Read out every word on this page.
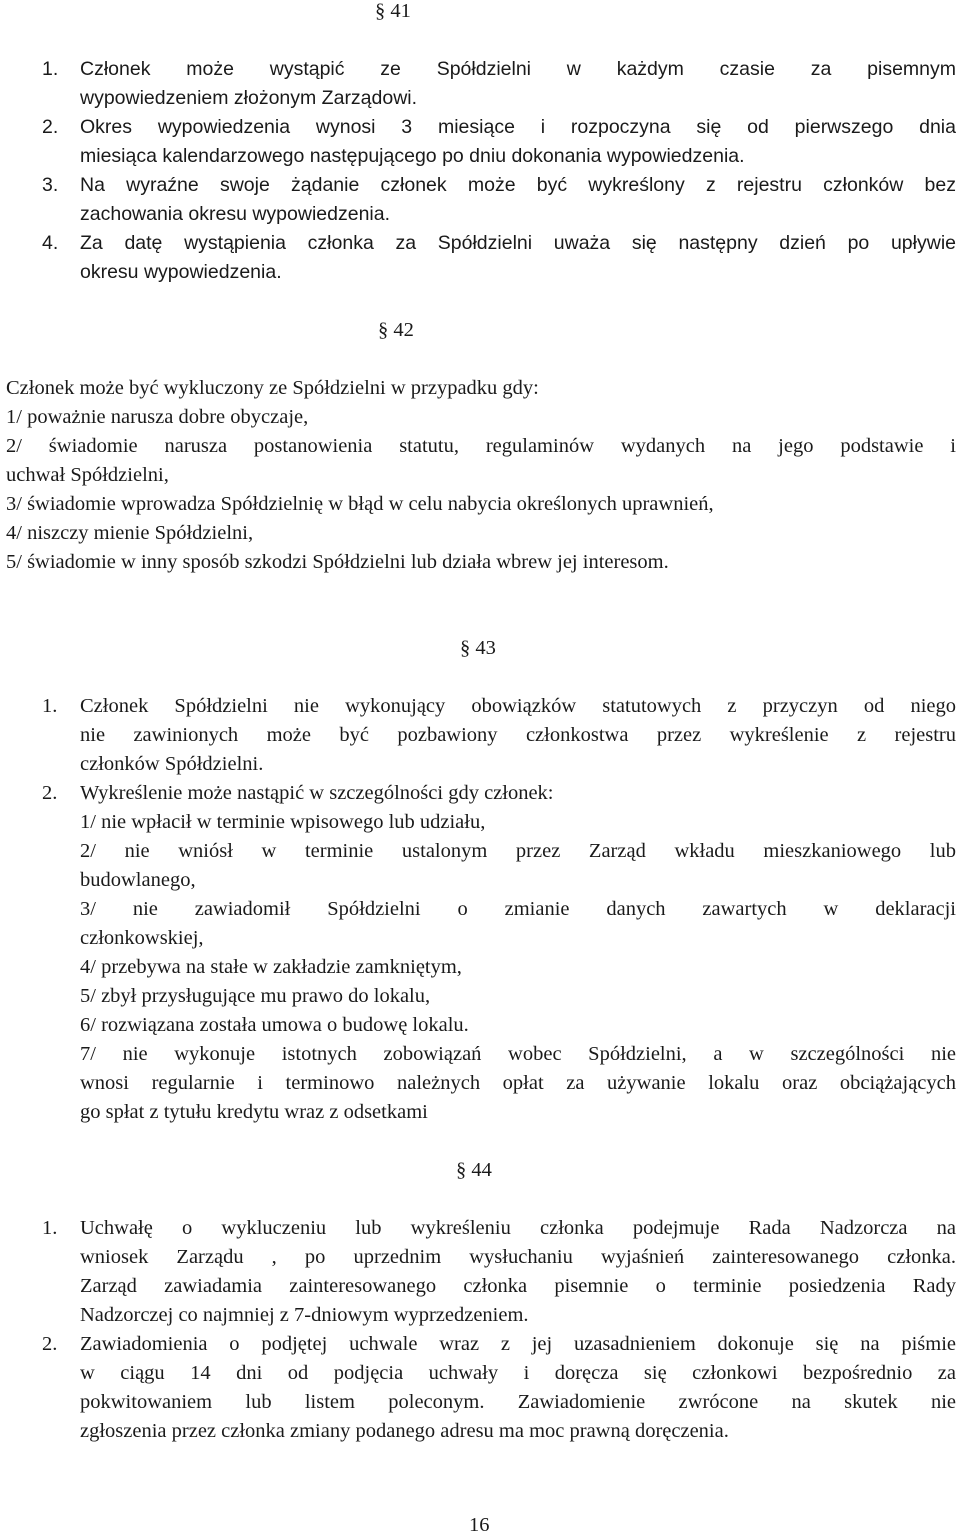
§ 41
1. Członek może wystąpić ze Spółdzielni w każdym czasie za pisemnym
wypowiedzeniem złożonym Zarządowi.
2. Okres wypowiedzenia wynosi 3 miesiące i rozpoczyna się od pierwszego dnia
miesiąca kalendarzowego następującego po dniu dokonania wypowiedzenia.
3. Na wyraźne swoje żądanie członek może być wykreślony z rejestru członków bez
zachowania okresu wypowiedzenia.
4. Za datę wystąpienia członka za Spółdzielni uważa się następny dzień po upływie
okresu wypowiedzenia.
§ 42
Członek może być wykluczony ze Spółdzielni w przypadku gdy:
1/ poważnie narusza dobre obyczaje,
2/ świadomie narusza postanowienia statutu, regulaminów wydanych na jego podstawie i
uchwał Spółdzielni,
3/ świadomie wprowadza Spółdzielnię w błąd w celu nabycia określonych uprawnień,
4/ niszczy mienie Spółdzielni,
5/ świadomie w inny sposób szkodzi Spółdzielni lub działa wbrew jej interesom.
§ 43
1. Członek Spółdzielni nie wykonujący obowiązków statutowych z przyczyn od niego
nie zawinionych może być pozbawiony członkostwa przez wykreślenie z rejestru
członków Spółdzielni.
2. Wykreślenie może nastąpić w szczególności gdy członek:
1/ nie wpłacił w terminie wpisowego lub udziału,
2/ nie wniósł w terminie ustalonym przez Zarząd wkładu mieszkaniowego lub
budowlanego,
3/ nie zawiadomił Spółdzielni o zmianie danych zawartych w deklaracji
członkowskiej,
4/ przebywa na stałe w zakładzie zamkniętym,
5/ zbył przysługujące mu prawo do lokalu,
6/ rozwiązana została umowa o budowę lokalu.
7/ nie wykonuje istotnych zobowiązań wobec Spółdzielni, a w szczególności nie
wnosi regularnie i terminowo należnych opłat za używanie lokalu oraz obciążających
go spłat z tytułu kredytu wraz z odsetkami
§ 44
1. Uchwałę o wykluczeniu lub wykreśleniu członka podejmuje Rada Nadzorcza na
wniosek Zarządu , po uprzednim wysłuchaniu wyjaśnień zainteresowanego członka.
Zarząd zawiadamia zainteresowanego członka pisemnie o terminie posiedzenia Rady
Nadzorczej co najmniej z 7-dniowym wyprzedzeniem.
2. Zawiadomienia o podjętej uchwale wraz z jej uzasadnieniem dokonuje się na piśmie
w ciągu 14 dni od podjęcia uchwały i doręcza się członkowi bezpośrednio za
pokwitowaniem lub listem poleconym. Zawiadomienie zwrócone na skutek nie
zgłoszenia przez członka zmiany podanego adresu ma moc prawną doręczenia.
16
